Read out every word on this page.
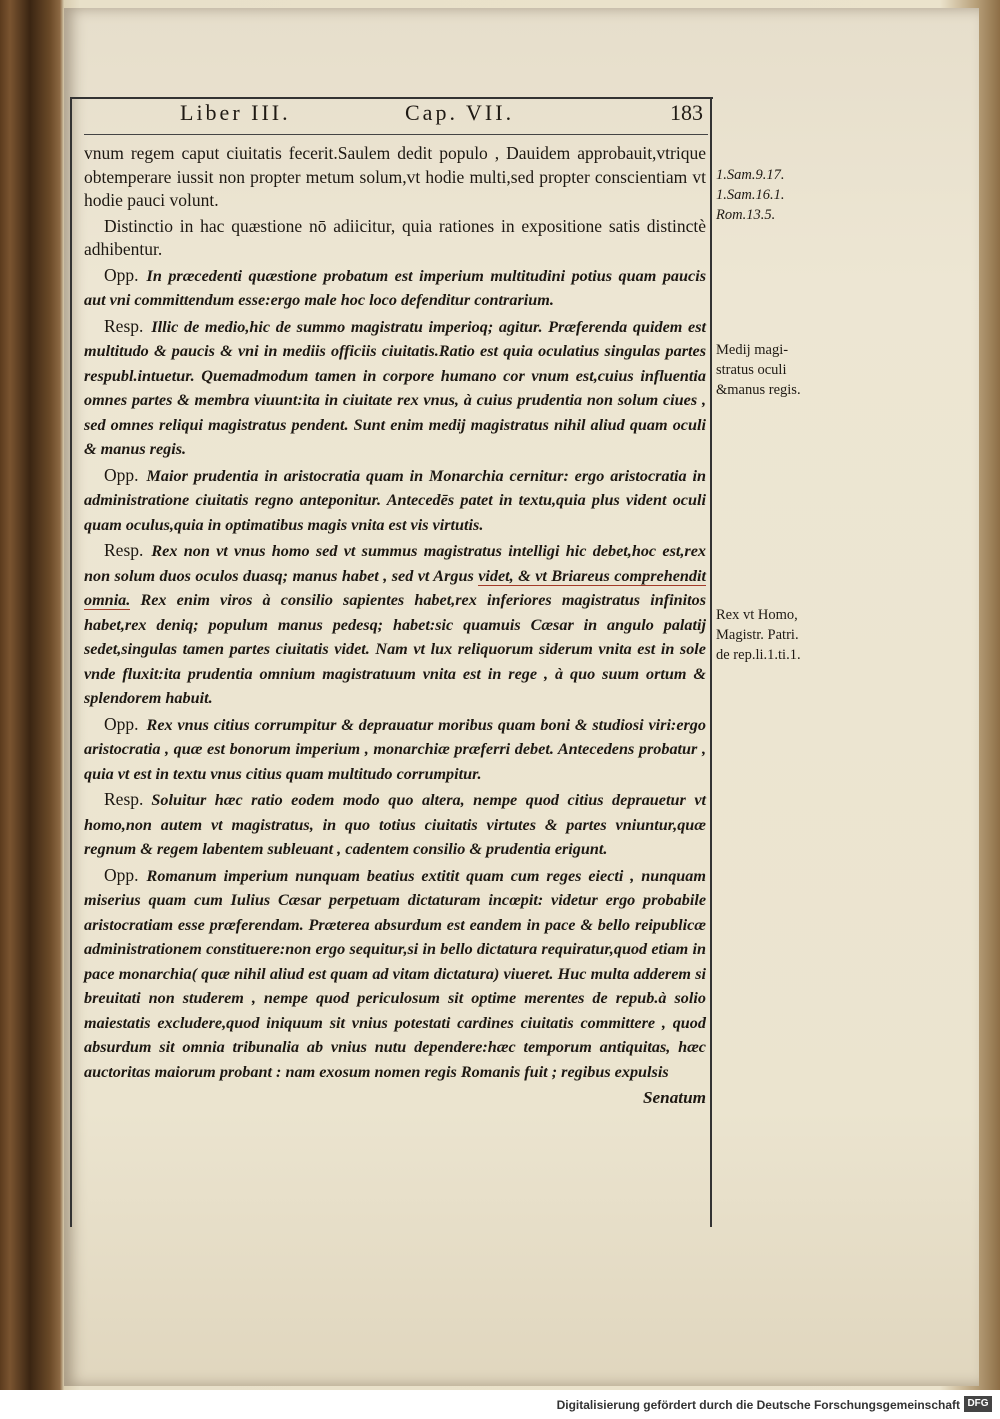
Liber III.	Cap. VII.	183

vnum regem caput ciuitatis fecerit.Saulem dedit populo , Dauidem approbauit,vtrique obtemperare iussit non propter metum solum,vt hodie multi,sed propter conscientiam vt hodie pauci volunt.

Distinctio in hac quæstione nō adiicitur, quia rationes in expositione satis distinctè adhibentur.

Opp. In præcedenti quæstione probatum est imperium multitudini potius quam paucis aut vni committendum esse:ergo male hoc loco defenditur contrarium.

Resp. Illic de medio,hic de summo magistratu imperioq; agitur. Præferenda quidem est multitudo & paucis & vni in mediis officiis ciuitatis.Ratio est quia oculatius singulas partes respubl.intuetur. Quemadmodum tamen in corpore humano cor vnum est,cuius influentia omnes partes & membra viuunt:ita in ciuitate rex vnus, à cuius prudentia non solum ciues , sed omnes reliqui magistratus pendent. Sunt enim medij magistratus nihil aliud quam oculi & manus regis.

Opp. Maior prudentia in aristocratia quam in Monarchia cernitur: ergo aristocratia in administratione ciuitatis regno anteponitur. Antecedēs patet in textu,quia plus vident oculi quam oculus,quia in optimatibus magis vnita est vis virtutis.

Resp. Rex non vt vnus homo sed vt summus magistratus intelligi hic debet,hoc est,rex non solum duos oculos duasq; manus habet , sed vt Argus videt, & vt Briareus comprehendit omnia. Rex enim viros à consilio sapientes habet,rex inferiores magistratus infinitos habet,rex deniq; populum manus pedesq; habet:sic quamuis Cæsar in angulo palatij sedet,singulas tamen partes ciuitatis videt. Nam vt lux reliquorum siderum vnita est in sole vnde fluxit:ita prudentia omnium magistratuum vnita est in rege , à quo suum ortum & splendorem habuit.

Opp. Rex vnus citius corrumpitur & deprauatur moribus quam boni & studiosi viri:ergo aristocratia , quæ est bonorum imperium , monarchiæ præferri debet. Antecedens probatur , quia vt est in textu vnus citius quam multitudo corrumpitur.

Resp. Soluitur hæc ratio eodem modo quo altera, nempe quod citius deprauetur vt homo,non autem vt magistratus, in quo totius ciuitatis virtutes & partes vniuntur,quæ regnum & regem labentem subleuant , cadentem consilio & prudentia erigunt.

Opp. Romanum imperium nunquam beatius extitit quam cum reges eiecti , nunquam miserius quam cum Iulius Cæsar perpetuam dictaturam incœpit: videtur ergo probabile aristocratiam esse præferendam. Præterea absurdum est eandem in pace & bello reipublicæ administrationem constituere:non ergo sequitur,si in bello dictatura requiratur,quod etiam in pace monarchia( quæ nihil aliud est quam ad vitam dictatura) viueret. Huc multa adderem si breuitati non studerem , nempe quod periculosum sit optime merentes de repub.à solio maiestatis excludere,quod iniquum sit vnius potestati cardines ciuitatis committere , quod absurdum sit omnia tribunalia ab vnius nutu dependere:hæc temporum antiquitas, hæc auctoritas maiorum probant : nam exosum nomen regis Romanis fuit ; regibus expulsis

Senatum
1.Sam.9.17.
1.Sam.16.1.
Rom.13.5.
Medij magi-
stratus oculi
&manus regis.
Rex vt Homo,
Magistr. Patri.
de rep.li.1.ti.1.
Digitalisierung gefördert durch die Deutsche Forschungsgemeinschaft DFG
